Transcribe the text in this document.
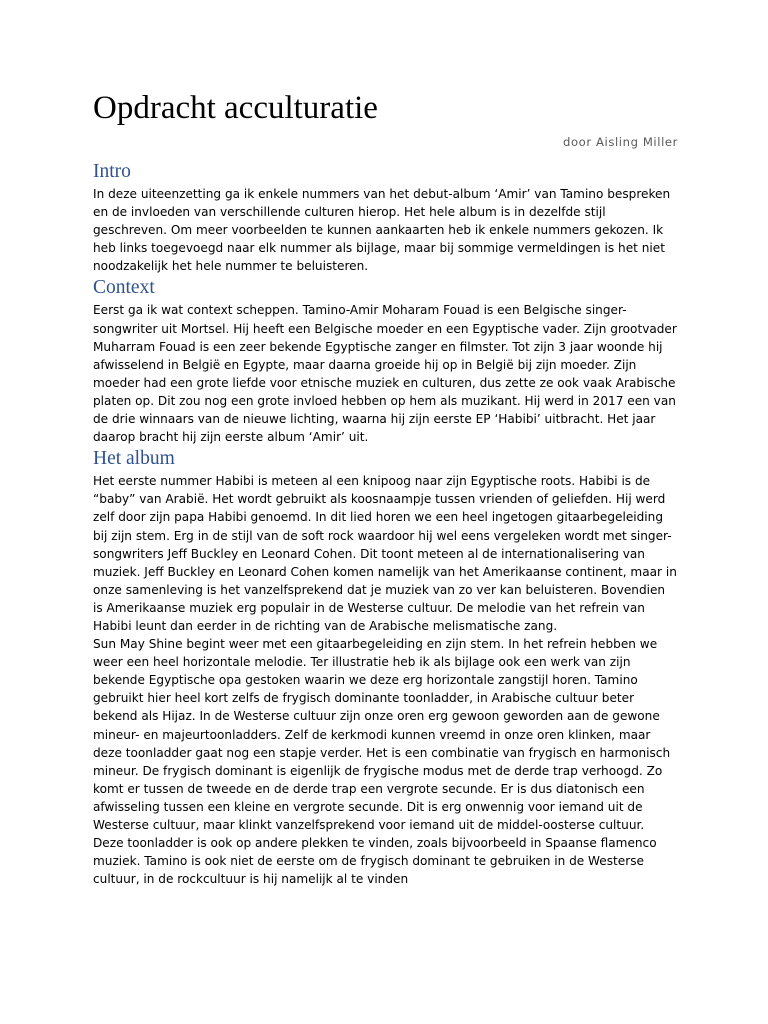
Opdracht acculturatie
door Aisling Miller
Intro

In deze uiteenzetting ga ik enkele nummers van het debut-album ‘Amir’ van Tamino bespreken en de invloeden van verschillende culturen hierop. Het hele album is in dezelfde stijl geschreven. Om meer voorbeelden te kunnen aankaarten heb ik enkele nummers gekozen. Ik heb links toegevoegd naar elk nummer als bijlage, maar bij sommige vermeldingen is het niet noodzakelijk het hele nummer te beluisteren.

Context

Eerst ga ik wat context scheppen. Tamino-Amir Moharam Fouad is een Belgische singer-songwriter uit Mortsel. Hij heeft een Belgische moeder en een Egyptische vader. Zijn grootvader Muharram Fouad is een zeer bekende Egyptische zanger en filmster. Tot zijn 3 jaar woonde hij afwisselend in België en Egypte, maar daarna groeide hij op in België bij zijn moeder. Zijn moeder had een grote liefde voor etnische muziek en culturen, dus zette ze ook vaak Arabische platen op. Dit zou nog een grote invloed hebben op hem als muzikant. Hij werd in 2017 een van de drie winnaars van de nieuwe lichting, waarna hij zijn eerste EP ‘Habibi’ uitbracht. Het jaar daarop bracht hij zijn eerste album ‘Amir’ uit.

Het album

Het eerste nummer Habibi is meteen al een knipoog naar zijn Egyptische roots. Habibi is de “baby” van Arabië. Het wordt gebruikt als koosnaampje tussen vrienden of geliefden. Hij werd zelf door zijn papa Habibi genoemd. In dit lied horen we een heel ingetogen gitaarbegeleiding bij zijn stem. Erg in de stijl van de soft rock waardoor hij wel eens vergeleken wordt met singer-songwriters Jeff Buckley en Leonard Cohen. Dit toont meteen al de internationalisering van muziek. Jeff Buckley en Leonard Cohen komen namelijk van het Amerikaanse continent, maar in onze samenleving is het vanzelfsprekend dat je muziek van zo ver kan beluisteren. Bovendien is Amerikaanse muziek erg populair in de Westerse cultuur. De melodie van het refrein van Habibi leunt dan eerder in de richting van de Arabische melismatische zang.

Sun May Shine begint weer met een gitaarbegeleiding en zijn stem. In het refrein hebben we weer een heel horizontale melodie. Ter illustratie heb ik als bijlage ook een werk van zijn bekende Egyptische opa gestoken waarin we deze erg horizontale zangstijl horen. Tamino gebruikt hier heel kort zelfs de frygisch dominante toonladder, in Arabische cultuur beter bekend als Hijaz. In de Westerse cultuur zijn onze oren erg gewoon geworden aan de gewone mineur- en majeurtoonladders. Zelf de kerkmodi kunnen vreemd in onze oren klinken, maar deze toonladder gaat nog een stapje verder. Het is een combinatie van frygisch en harmonisch mineur. De frygisch dominant is eigenlijk de frygische modus met de derde trap verhoogd. Zo komt er tussen de tweede en de derde trap een vergrote secunde. Er is dus diatonisch een afwisseling tussen een kleine en vergrote secunde. Dit is erg onwennig voor iemand uit de Westerse cultuur, maar klinkt vanzelfsprekend voor iemand uit de middel-oosterse cultuur. Deze toonladder is ook op andere plekken te vinden, zoals bijvoorbeeld in Spaanse flamenco muziek. Tamino is ook niet de eerste om de frygisch dominant te gebruiken in de Westerse cultuur, in de rockcultuur is hij namelijk al te vinden
